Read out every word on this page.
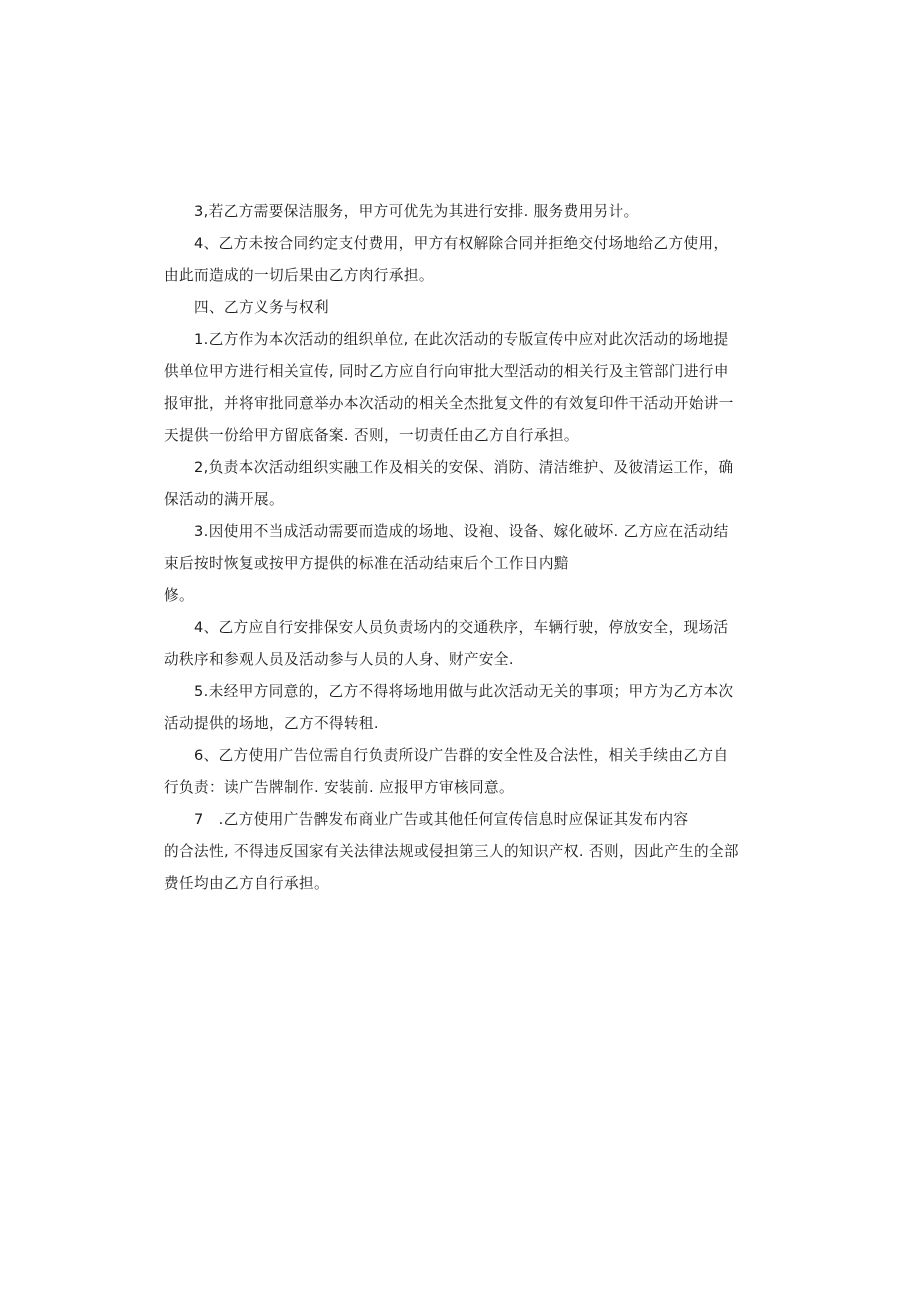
3,若乙方需要保洁服务，甲方可优先为其进行安排. 服务费用另计。

4、乙方未按合同约定支付费用，甲方有权解除合同并拒绝交付场地给乙方使用，
由此而造成的一切后果由乙方肉行承担。

四、乙方义务与权利

1.乙方作为本次活动的组织单位, 在此次活动的专版宣传中应对此次活动的场地提
供单位甲方进行相关宣传, 同时乙方应自行向审批大型活动的相关行及主管部门进行申
报审批，并将审批同意举办本次活动的相关全杰批复文件的有效复印件干活动开始讲一
天提供一份给甲方留底备案. 否则，一切责任由乙方自行承担。

2,负责本次活动组织实融工作及相关的安保、消防、清洁维护、及彼清运工作，确
保活动的满开展。

3.因使用不当成活动需要而造成的场地、设袍、设备、嫁化破坏. 乙方应在活动结
束后按时恢复或按甲方提供的标准在活动结束后个工作日内黯
修。

4、乙方应自行安排保安人员负责场内的交通秩序，车辆行驶，停放安全，现场活
动秩序和参观人员及活动参与人员的人身、财产安全.

5.未经甲方同意的，乙方不得将场地用做与此次活动无关的事项；甲方为乙方本次
活动提供的场地，乙方不得转租.

6、乙方使用广告位需自行负责所设广告群的安全性及合法性，相关手续由乙方自
行负责：读广告牌制作. 安装前. 应报甲方审核同意。

7　.乙方使用广告髀发布商业广告或其他任何宣传信息时应保证其发布内容
的合法性, 不得违反国家有关法律法规或侵担第三人的知识产权. 否则，因此产生的全部
费任均由乙方自行承担。
